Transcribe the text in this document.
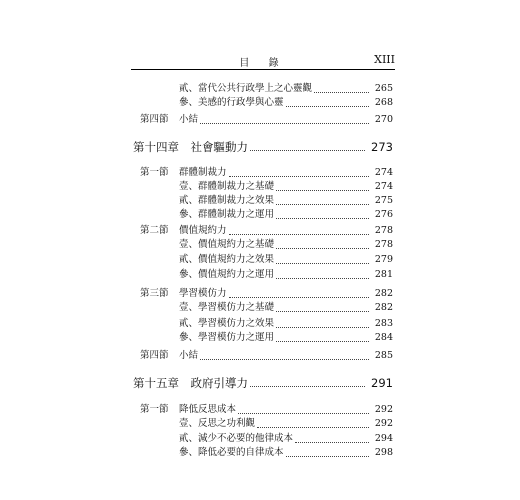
目 錄	XIII
貳、當代公共行政學上之心靈觀	265
參、美感的行政學與心靈	268
第四節 小結	270
第十四章　社會驅動力	273
第一節 群體制裁力	274
壹、群體制裁力之基礎	274
貳、群體制裁力之效果	275
參、群體制裁力之運用	276
第二節 價值規約力	278
壹、價值規約力之基礎	278
貳、價值規約力之效果	279
參、價值規約力之運用	281
第三節 學習模仿力	282
壹、學習模仿力之基礎	282
貳、學習模仿力之效果	283
參、學習模仿力之運用	284
第四節 小結	285
第十五章　政府引導力	291
第一節 降低反思成本	292
壹、反思之功利觀	292
貳、減少不必要的他律成本	294
參、降低必要的自律成本	298
